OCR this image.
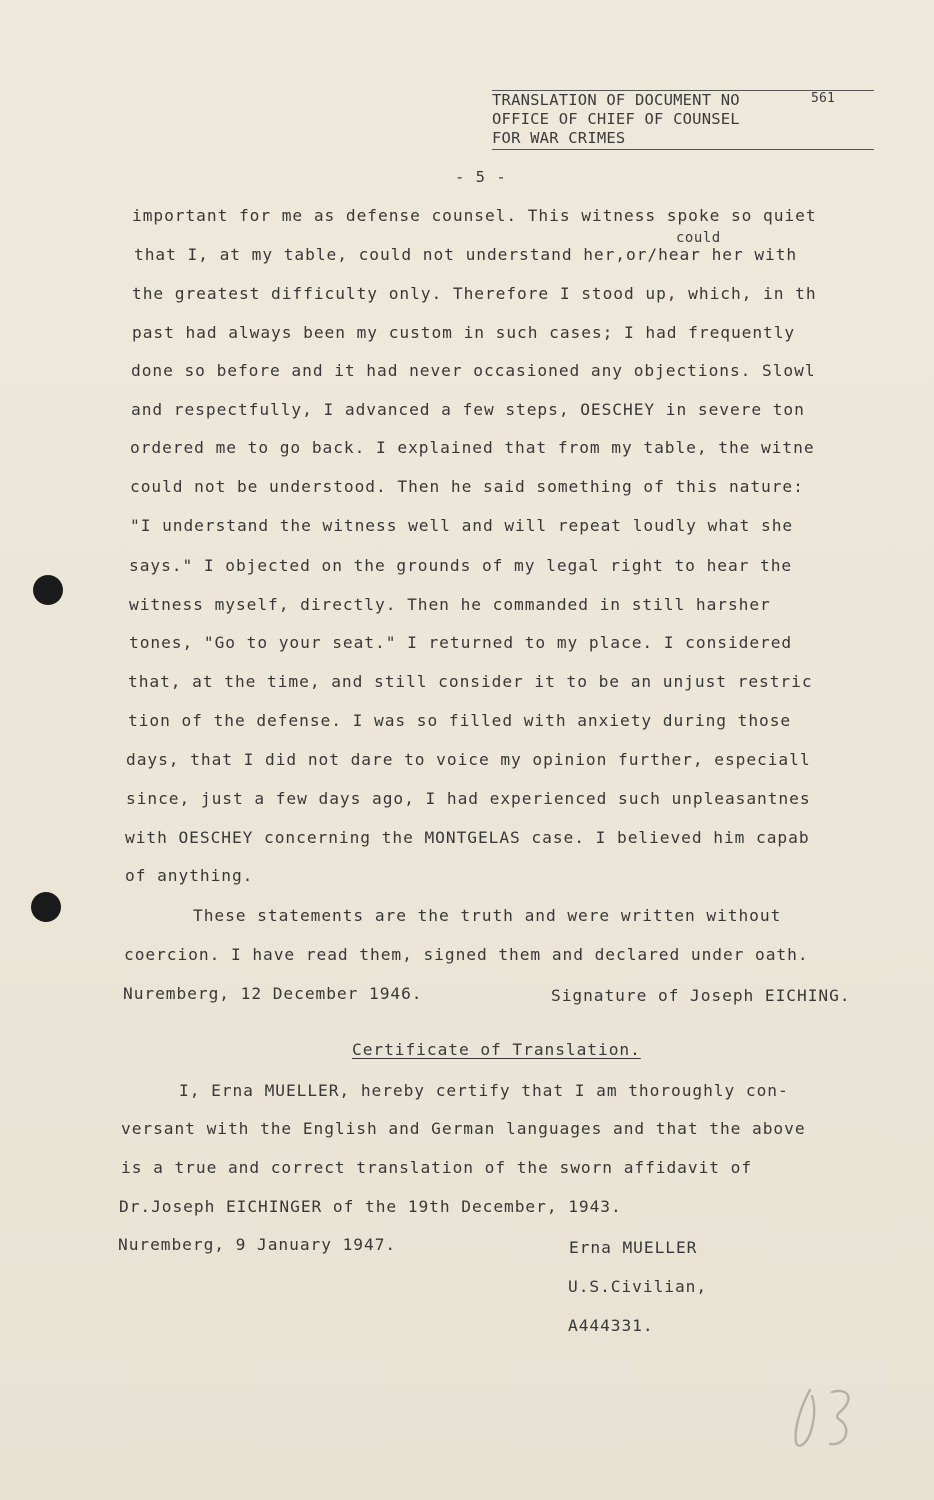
TRANSLATION OF DOCUMENT NO	561
OFFICE OF CHIEF OF COUNSEL
FOR WAR CRIMES
- 5 -
could
important for me as defense counsel. This witness spoke so quiet
that I, at my table, could not understand her,or/hear her with
the greatest difficulty only. Therefore I stood up, which, in th
past had always been my custom in such cases; I had frequently
done so before and it had never occasioned any objections. Slowl
and respectfully, I advanced a few steps, OESCHEY in severe ton
ordered me to go back. I explained that from my table, the witne
could not be understood. Then he said something of this nature:
"I understand the witness well and will repeat loudly what she
says." I objected on the grounds of my legal right to hear the
witness myself, directly. Then he commanded in still harsher
tones, "Go to your seat." I returned to my place. I considered
that, at the time, and still consider it to be an unjust restric
tion of the defense. I was so filled with anxiety during those
days, that I did not dare to voice my opinion further, especiall
since, just a few days ago, I had experienced such unpleasantnes
with OESCHEY concerning the MONTGELAS case. I believed him capab
of anything.
These statements are the truth and were written without
coercion. I have read them, signed them and declared under oath.
Nuremberg, 12 December 1946.	Signature of Joseph EICHING.
Certificate of Translation.
I, Erna MUELLER, hereby certify that I am thoroughly con-
versant with the English and German languages and that the above
is a true and correct translation of the sworn affidavit of
Dr.Joseph EICHINGER of the 19th December, 1943.
Nuremberg, 9 January 1947.	Erna MUELLER
U.S.Civilian,
A444331.
